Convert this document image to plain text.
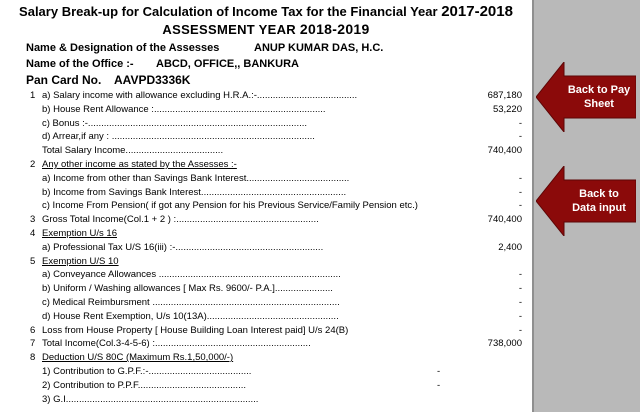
Salary Break-up for Calculation of Income Tax for the Financial Year 2017-2018
ASSESSMENT YEAR 2018-2019
Name & Designation of the Assesses	ANUP KUMAR DAS, H.C.
Name of the Office :- ABCD, OFFICE,, BANKURA
Pan Card No. AAVPD3336K
1 a) Salary income with allowance excluding H.R.A.:-......................................	687,180
b) House Rent Allowance :.................................................................	53,220
c) Bonus :-...................................................................................	-
d) Arrear,if any : .............................................................................	-
Total Salary Income.....................................	740,400
2 Any other income as stated by the Assesses :-
a) Income from other than Savings Bank Interest.......................................	-
b) Income from Savings Bank Interest.......................................................	-
c) Income From Pension( if got any Pension for his Previous Service/Family Pension etc.)	-
3 Gross Total Income(Col.1 + 2 ) :......................................................	740,400
4 Exemption U/s 16
a) Professional Tax U/S 16(iii) :-........................................................	2,400
5 Exemption U/S 10
a) Conveyance Allowances .....................................................................	-
b) Uniform / Washing allowances [ Max Rs. 9600/- P.A.]......................	-
c) Medical Reimbursment .......................................................................	-
d) House Rent Exemption, U/s 10(13A)..................................................	-
6 Loss from House Property [ House Building Loan Interest paid] U/s 24(B)	-
7 Total Income(Col.3-4-5-6) :...........................................................	738,000
8 Deduction U/S 80C (Maximum Rs.1,50,000/-)
1) Contribution to G.P.F.:-.......................................	-
2) Contribution to P.P.F.........................................	-
3) G.I.........................................................................
Back to Pay
Sheet
Back to
Data input
